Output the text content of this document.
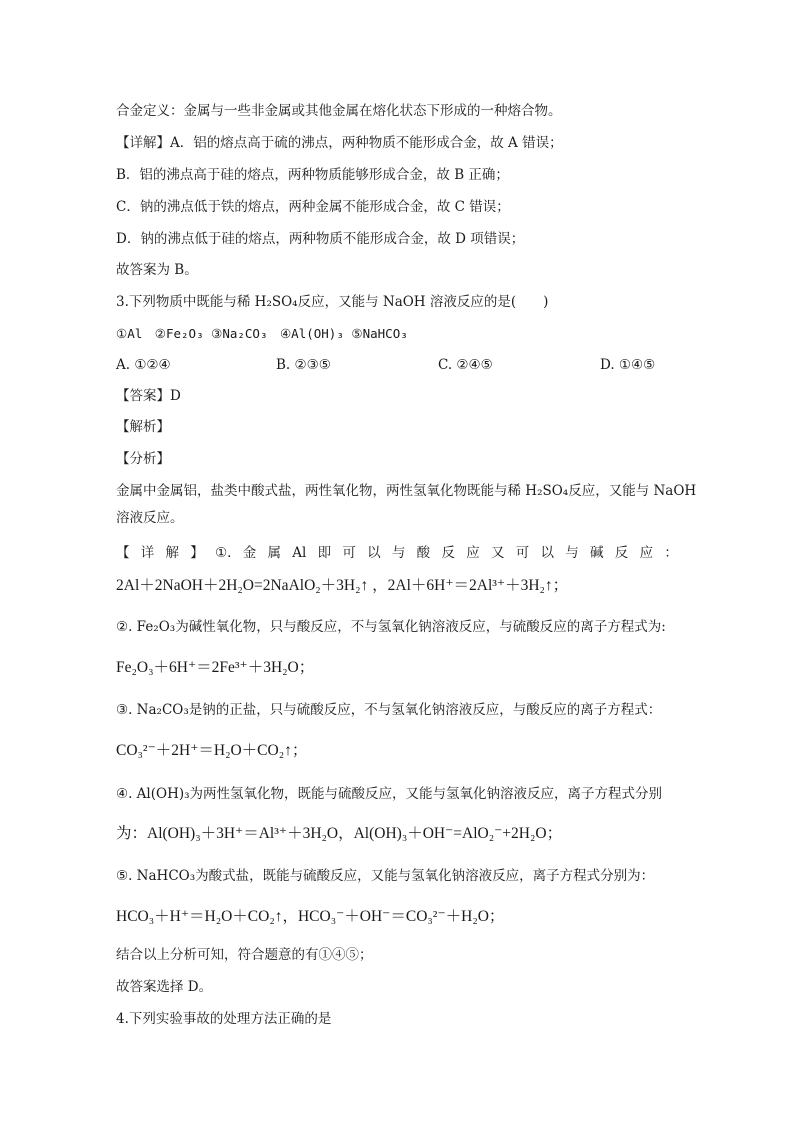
合金定义：金属与一些非金属或其他金属在熔化状态下形成的一种熔合物。
【详解】A．铝的熔点高于硫的沸点，两种物质不能形成合金，故 A 错误；
B．铝的沸点高于硅的熔点，两种物质能够形成合金，故 B 正确；
C．钠的沸点低于铁的熔点，两种金属不能形成合金，故 C 错误；
D．钠的沸点低于硅的熔点，两种物质不能形成合金，故 D 项错误；
故答案为 B。
3.下列物质中既能与稀 H₂SO₄反应，又能与 NaOH 溶液反应的是(　　)
①Al　②Fe₂O₃ ③Na₂CO₃　④Al(OH)₃ ⑤NaHCO₃
A. ①②④	B. ②③⑤	C. ②④⑤	D. ①④⑤
【答案】D
【解析】
【分析】
金属中金属铝，盐类中酸式盐，两性氧化物，两性氢氧化物既能与稀 H₂SO₄反应，又能与 NaOH
溶液反应。
【 详 解 】 ①. 金 属 Al 即 可 以 与 酸 反 应 又 可 以 与 碱 反 应 ：
2Al＋2NaOH＋2H₂O=2NaAlO₂＋3H₂↑ ，2Al＋6H⁺＝2Al³⁺＋3H₂↑；
②. Fe₂O₃为碱性氧化物，只与酸反应，不与氢氧化钠溶液反应，与硫酸反应的离子方程式为:
Fe₂O₃＋6H⁺＝2Fe³⁺＋3H₂O；
③. Na₂CO₃是钠的正盐，只与硫酸反应，不与氢氧化钠溶液反应，与酸反应的离子方程式：
CO₃²⁻＋2H⁺＝H₂O＋CO₂↑；
④. Al(OH)₃为两性氢氧化物，既能与硫酸反应，又能与氢氧化钠溶液反应，离子方程式分别
为：Al(OH)₃＋3H⁺＝Al³⁺＋3H₂O，Al(OH)₃＋OH⁻=AlO₂⁻+2H₂O；
⑤. NaHCO₃为酸式盐，既能与硫酸反应，又能与氢氧化钠溶液反应，离子方程式分别为：
HCO₃＋H⁺＝H₂O＋CO₂↑，HCO₃⁻＋OH⁻＝CO₃²⁻＋H₂O；
结合以上分析可知，符合题意的有①④⑤；
故答案选择 D。
4.下列实验事故的处理方法正确的是
